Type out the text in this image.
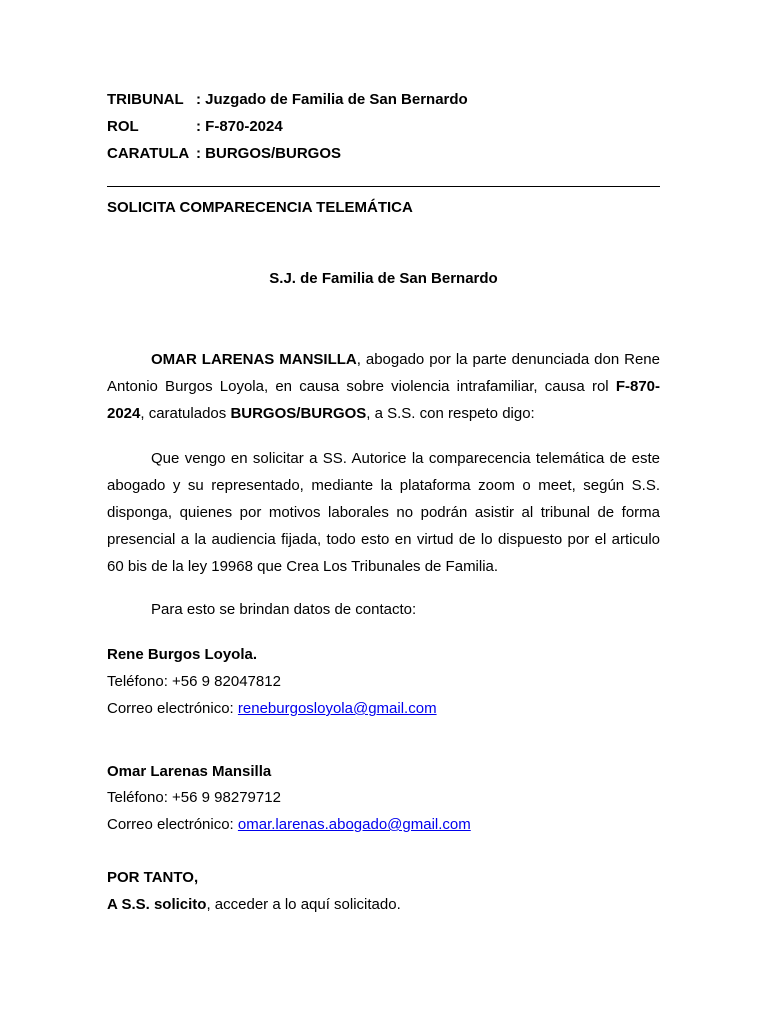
TRIBUNAL : Juzgado de Familia de San Bernardo
ROL	: F-870-2024
CARATULA : BURGOS/BURGOS
SOLICITA COMPARECENCIA TELEMÁTICA
S.J. de Familia de San Bernardo
OMAR LARENAS MANSILLA, abogado por la parte denunciada don Rene Antonio Burgos Loyola, en causa sobre violencia intrafamiliar, causa rol F-870-2024, caratulados BURGOS/BURGOS, a S.S. con respeto digo:
Que vengo en solicitar a SS. Autorice la comparecencia telemática de este abogado y su representado, mediante la plataforma zoom o meet, según S.S. disponga, quienes por motivos laborales no podrán asistir al tribunal de forma presencial a la audiencia fijada, todo esto en virtud de lo dispuesto por el articulo 60 bis de la ley 19968 que Crea Los Tribunales de Familia.
Para esto se brindan datos de contacto:
Rene Burgos Loyola.
Teléfono: +56 9 82047812
Correo electrónico: reneburgosloyola@gmail.com
Omar Larenas Mansilla
Teléfono: +56 9 98279712
Correo electrónico: omar.larenas.abogado@gmail.com
POR TANTO,
A S.S. solicito, acceder a lo aquí solicitado.
